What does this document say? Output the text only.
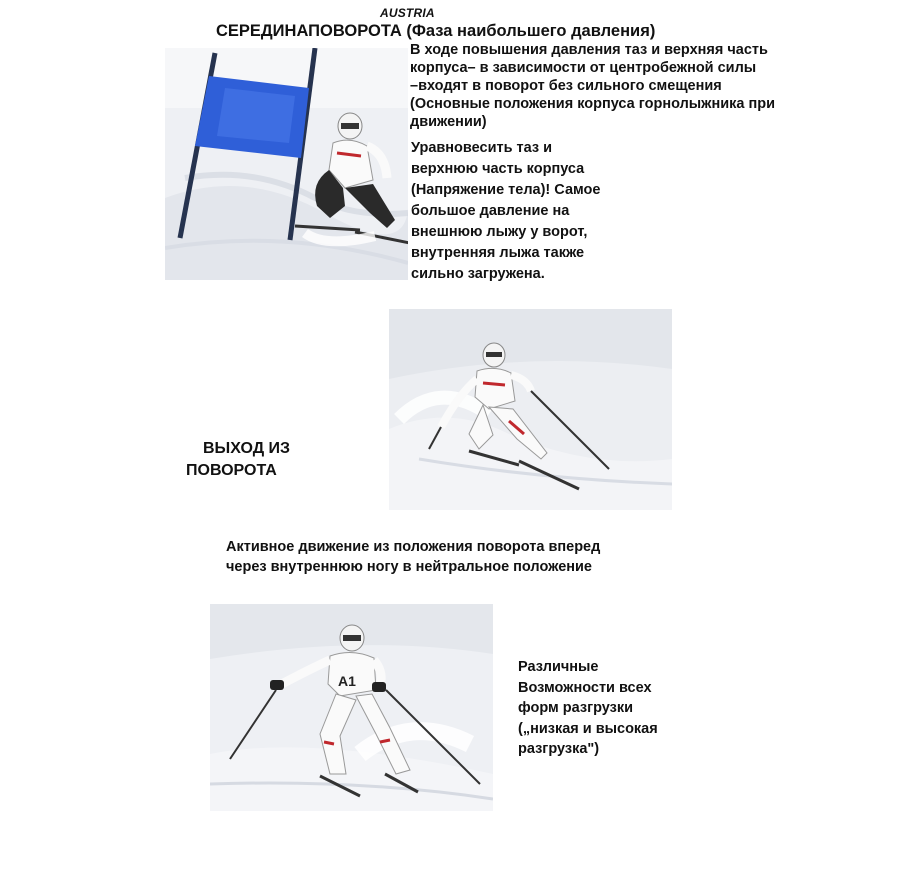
AUSTRIA
СЕРЕДИНАПОВОРОТА (Фаза наибольшего давления)
В ходе повышения давления таз и верхняя часть
корпуса– в зависимости от центробежной силы
–входят в поворот без сильного смещения
(Основные положения корпуса горнолыжника при
движении)
Уравновесить таз и
верхнюю часть корпуса
(Напряжение тела)! Самое
большое давление на
внешнюю лыжу у ворот,
внутренняя лыжа также
сильно загружена.
ВЫХОД ИЗ
ПОВОРОТА
Активное движение из положения поворота вперед
через внутреннюю ногу в нейтральное положение
A1
Различные
Возможности всех
форм разгрузки
(„низкая и высокая
разгрузка")
